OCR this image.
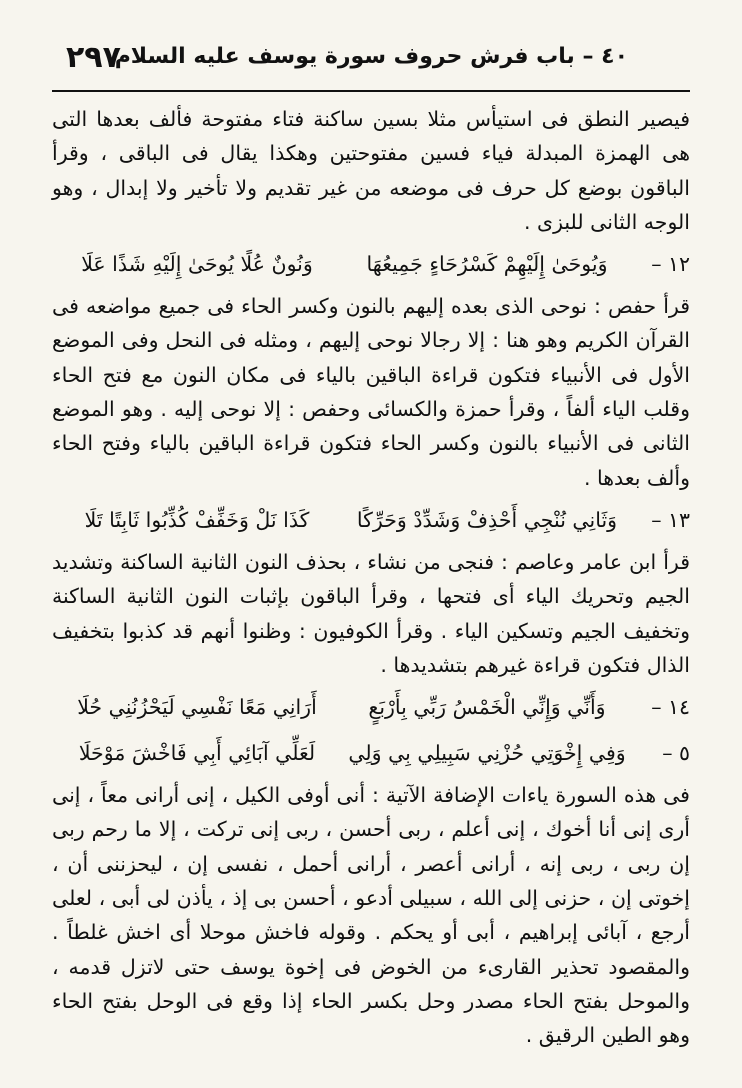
٤٠ – باب فرش حروف سورة يوسف عليه السلام
٢٩٧

فيصير النطق فى استيأس مثلا بسين ساكنة فتاء مفتوحة فألف بعدها التى هى الهمزة المبدلة فياء فسين مفتوحتين وهكذا يقال فى الباقى ، وقرأ الباقون بوضع كل حرف فى موضعه من غير تقديم ولا تأخير ولا إبدال ، وهو الوجه الثانى للبزى .

١٢ –
وَيُوحَىٰ إِلَيْهِمْ كَسْرُحَاءٍ جَمِيعُهَا
وَنُونٌ عُلًا يُوحَىٰ إِلَيْهِ شَذًا عَلَا

قرأ حفص : نوحى الذى بعده إليهم بالنون وكسر الحاء فى جميع مواضعه فى القرآن الكريم وهو هنا : إلا رجالا نوحى إليهم ، ومثله فى النحل وفى الموضع الأول فى الأنبياء فتكون قراءة الباقين بالياء فى مكان النون مع فتح الحاء وقلب الياء ألفاً ، وقرأ حمزة والكسائى وحفص : إلا نوحى إليه . وهو الموضع الثانى فى الأنبياء بالنون وكسر الحاء فتكون قراءة الباقين بالياء وفتح الحاء وألف بعدها .

١٣ –
وَثَانِي نُنْجِي أَحْذِفْ وَشَدِّدْ وَحَرِّكًا
كَذَا نَلْ وَخَفِّفْ كُذِّبُوا ثَابِتًا تَلَا

قرأ ابن عامر وعاصم : فنجى من نشاء ، بحذف النون الثانية الساكنة وتشديد الجيم وتحريك الياء أى فتحها ، وقرأ الباقون بإثبات النون الثانية الساكنة وتخفيف الجيم وتسكين الياء . وقرأ الكوفيون : وظنوا أنهم قد كذبوا بتخفيف الذال فتكون قراءة غيرهم بتشديدها .

١٤ –
وَأَنِّي وَإِنِّي الْخَمْسُ رَبِّي بِأَرْبَعٍ
أَرَانِي مَعًا نَفْسِي لَيَحْزُنُنِي حُلَا
٥ –
وَفِي إِخْوَتِي حُزْنِي سَبِيلِي بِي وَلِي
لَعَلِّي آبَائِي أَبِي فَاخْشَ مَوْحَلَا

فى هذه السورة ياءات الإضافة الآتية : أنى أوفى الكيل ، إنى أرانى معاً ، إنى أرى إنى أنا أخوك ، إنى أعلم ، ربى أحسن ، ربى إنى تركت ، إلا ما رحم ربى إن ربى ، ربى إنه ، أرانى أعصر ، أرانى أحمل ، نفسى إن ، ليحزننى أن ، إخوتى إن ، حزنى إلى الله ، سبيلى أدعو ، أحسن بى إذ ، يأذن لى أبى ، لعلى أرجع ، آبائى إبراهيم ، أبى أو يحكم . وقوله فاخش موحلا أى اخش غلطاً . والمقصود تحذير القارىء من الخوض فى إخوة يوسف حتى لاتزل قدمه ، والموحل بفتح الحاء مصدر وحل بكسر الحاء إذا وقع فى الوحل بفتح الحاء وهو الطين الرقيق .
